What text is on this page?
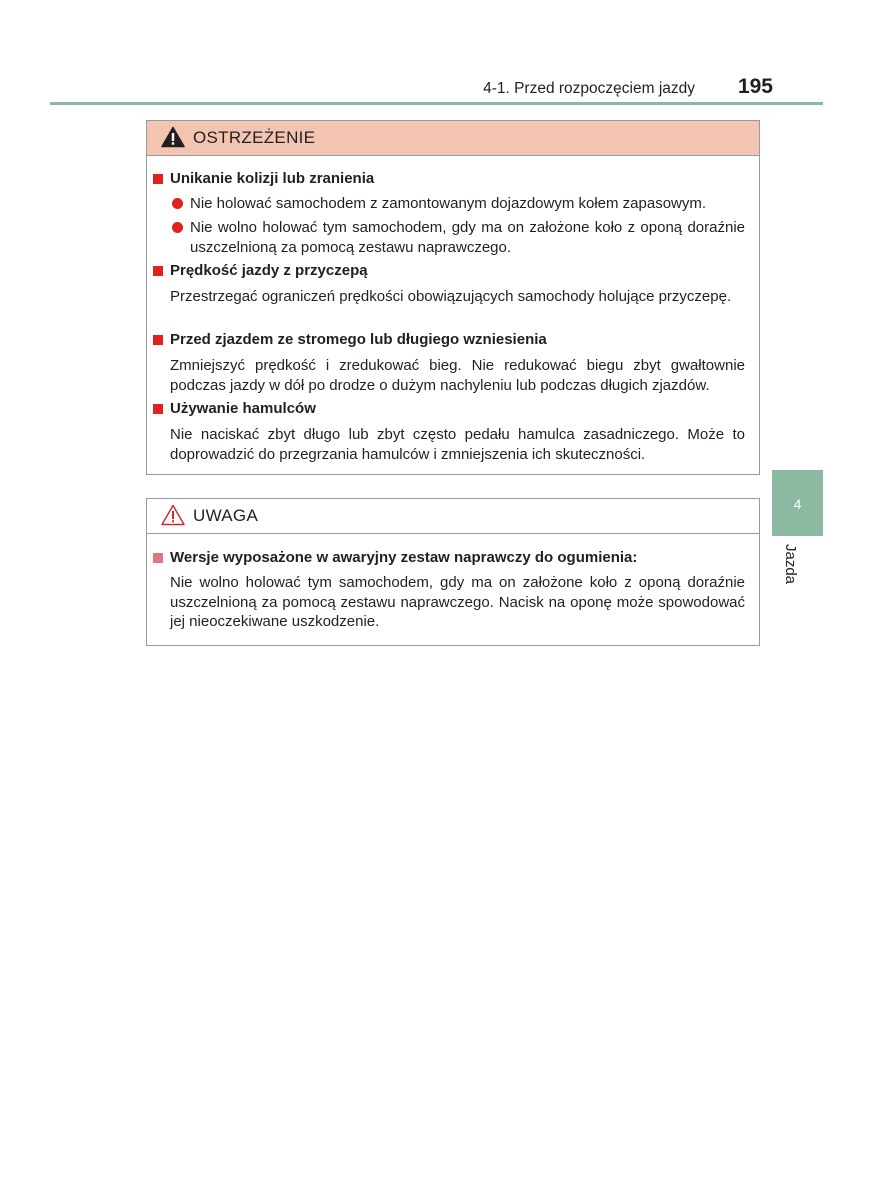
4-1. Przed rozpoczęciem jazdy 195
OSTRZEŻENIE
Unikanie kolizji lub zranienia
Nie holować samochodem z zamontowanym dojazdowym kołem zapasowym.
Nie wolno holować tym samochodem, gdy ma on założone koło z oponą doraźnie uszczelnioną za pomocą zestawu naprawczego.
Prędkość jazdy z przyczepą
Przestrzegać ograniczeń prędkości obowiązujących samochody holujące przyczepę.
Przed zjazdem ze stromego lub długiego wzniesienia
Zmniejszyć prędkość i zredukować bieg. Nie redukować biegu zbyt gwałtownie podczas jazdy w dół po drodze o dużym nachyleniu lub podczas długich zjazdów.
Używanie hamulców
Nie naciskać zbyt długo lub zbyt często pedału hamulca zasadniczego. Może to doprowadzić do przegrzania hamulców i zmniejszenia ich skuteczności.
UWAGA
Wersje wyposażone w awaryjny zestaw naprawczy do ogumienia:
Nie wolno holować tym samochodem, gdy ma on założone koło z oponą doraźnie uszczelnioną za pomocą zestawu naprawczego. Nacisk na oponę może spowodować jej nieoczekiwane uszkodzenie.
4
Jazda
